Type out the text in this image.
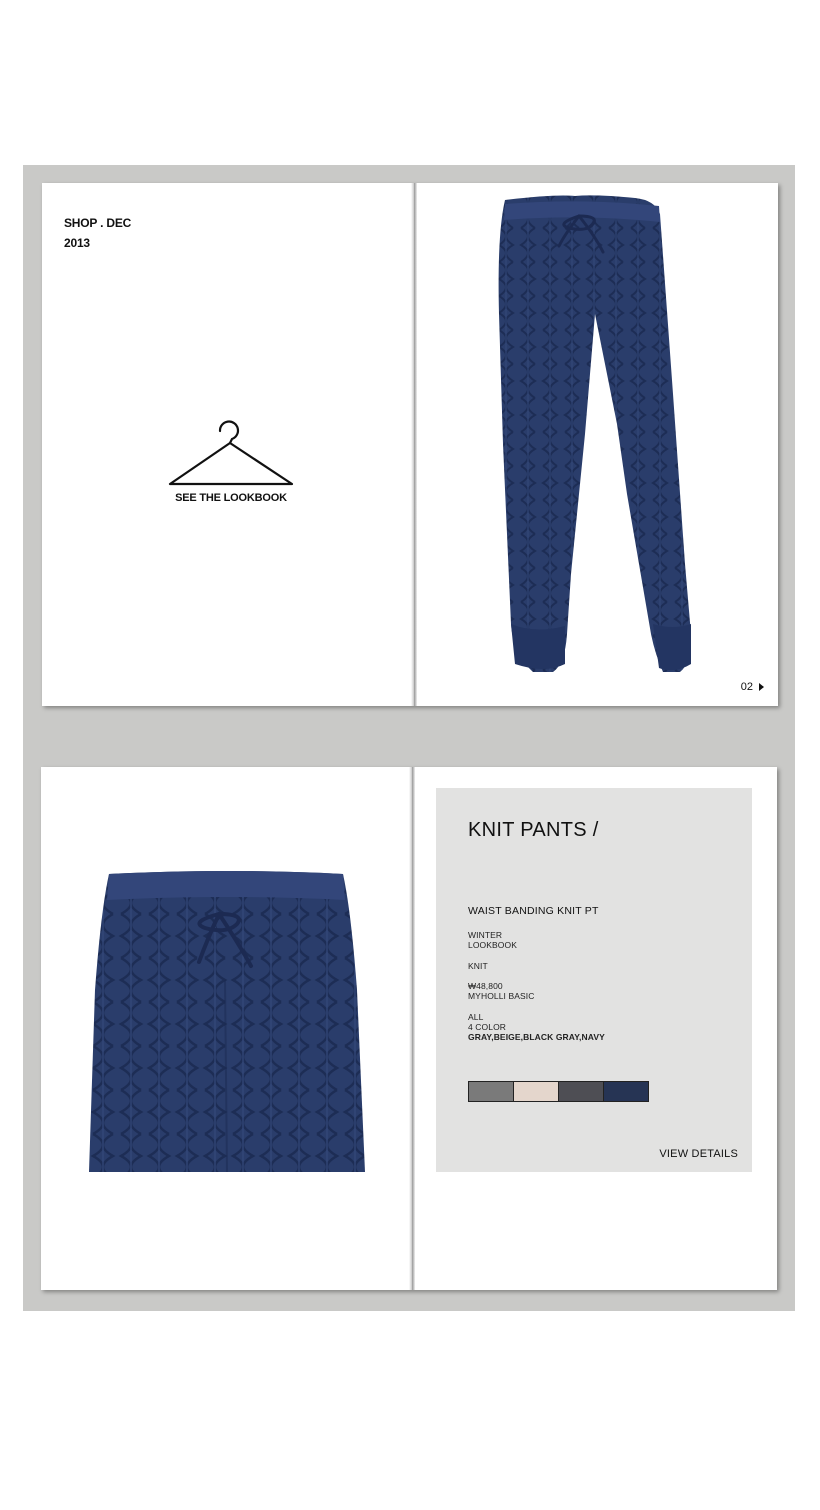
SHOP . DEC
2013
SEE THE LOOKBOOK
02
KNIT PANTS /
WAIST BANDING KNIT PT
WINTER
LOOKBOOK
KNIT
₩48,800
MYHOLLI BASIC
ALL
4 COLOR
GRAY,BEIGE,BLACK GRAY,NAVY
VIEW DETAILS
